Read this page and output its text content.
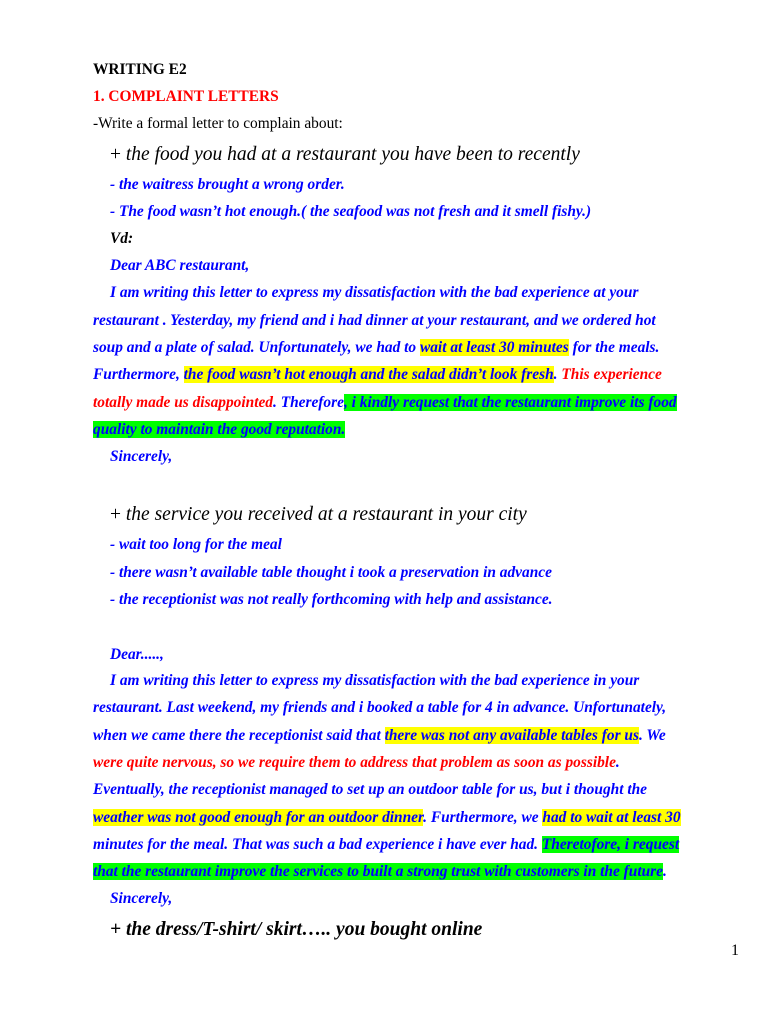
WRITING E2
1. COMPLAINT LETTERS
-Write a formal letter to complain about:
+ the food you had at a restaurant you have been to recently
- the waitress brought a wrong order.
- The food wasn’t hot enough.( the seafood was not fresh and it smell fishy.)
Vd:
Dear ABC restaurant,
I am writing this letter to express my dissatisfaction with the bad experience at your
restaurant . Yesterday, my friend and i had dinner at your restaurant, and we ordered hot
soup and a plate of salad. Unfortunately, we had to wait at least 30 minutes for the meals.
Furthermore, the food wasn’t hot enough and the salad didn’t look fresh. This experience
totally made us disappointed. Therefore, i kindly request that the restaurant improve its food
quality to maintain the good reputation.
Sincerely,
+ the service you received at a restaurant in your city
- wait too long for the meal
- there wasn’t available table thought i took a preservation in advance
- the receptionist was not really forthcoming with help and assistance.
Dear.....,
I am writing this letter to express my dissatisfaction with the bad experience in your
restaurant. Last weekend, my friends and i booked a table for 4 in advance. Unfortunately,
when we came there the receptionist said that there was not any available tables for us. We
were quite nervous, so we require them to address that problem as soon as possible.
Eventually, the receptionist managed to set up an outdoor table for us, but i thought the
weather was not good enough for an outdoor dinner. Furthermore, we had to wait at least 30
minutes for the meal. That was such a bad experience i have ever had. Theretofore, i request
that the restaurant improve the services to built a strong trust with customers in the future.
Sincerely,
+ the dress/T-shirt/ skirt….. you bought online
1
